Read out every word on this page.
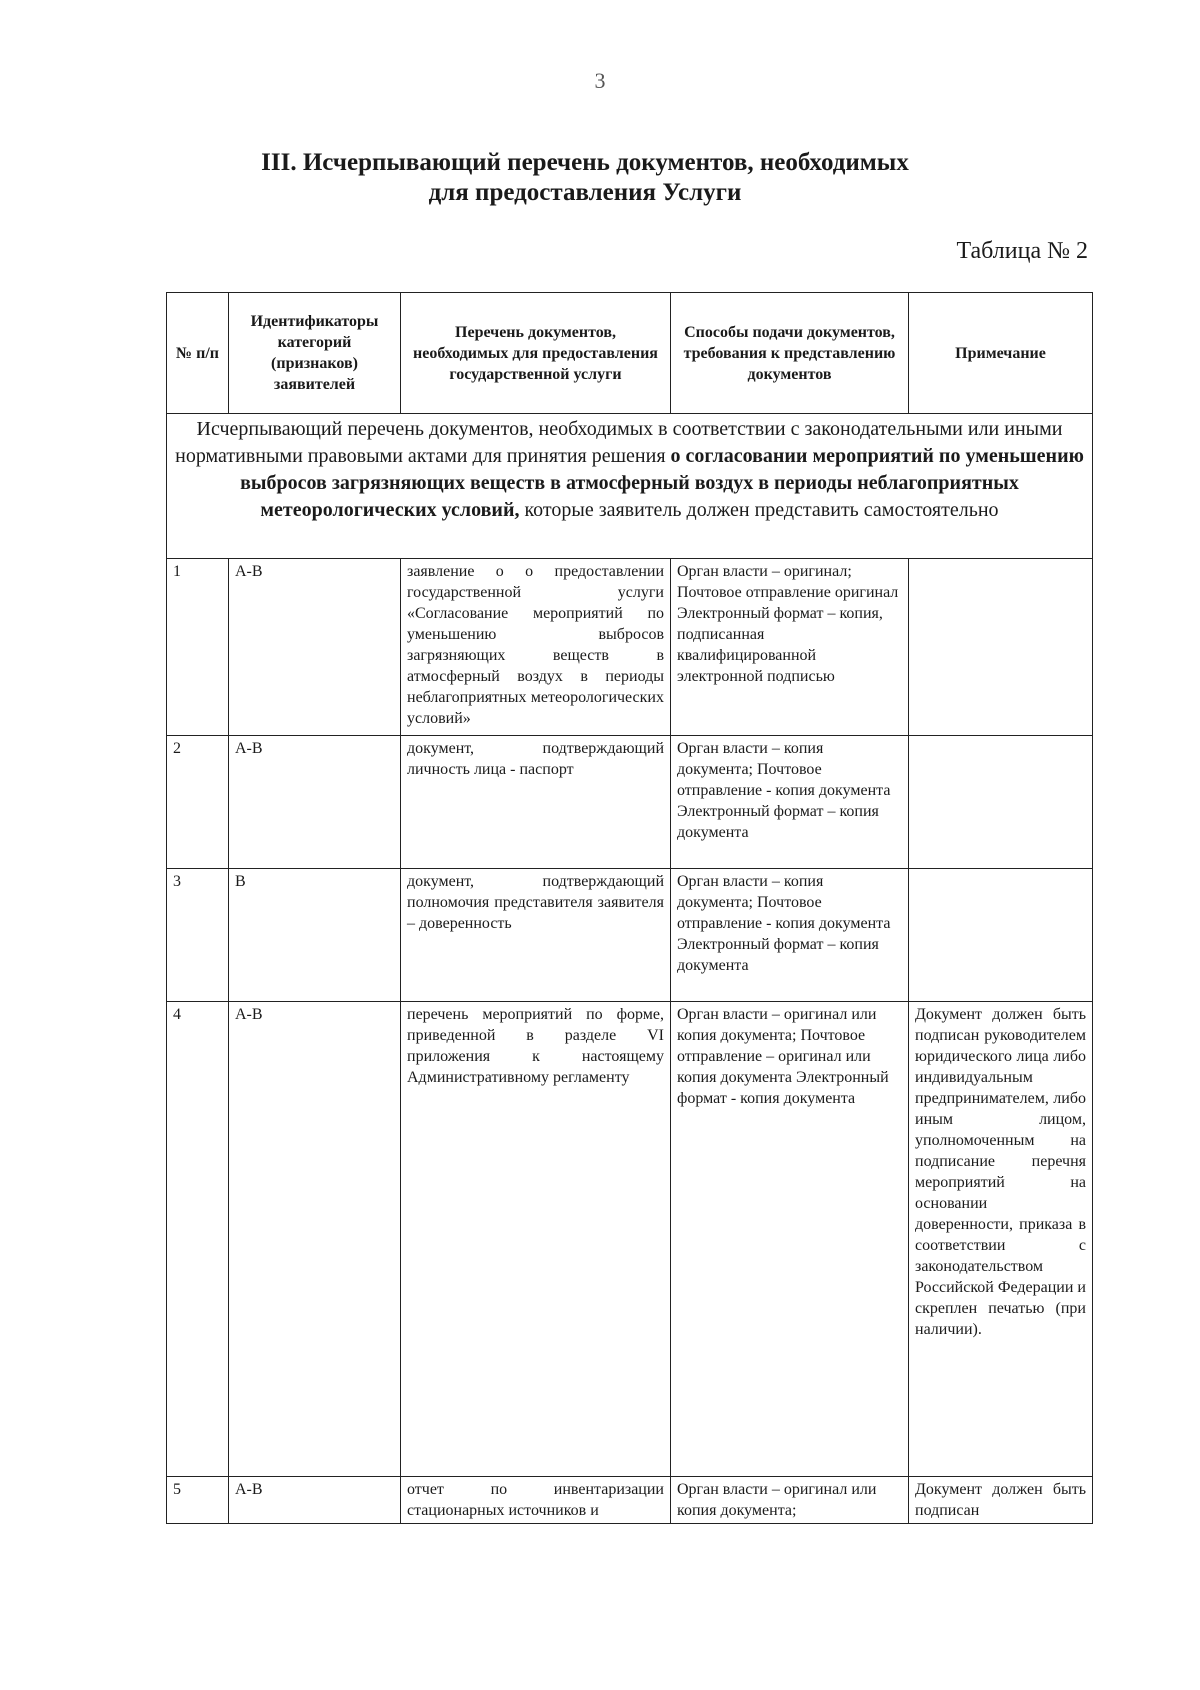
3
III. Исчерпывающий перечень документов, необходимых
для предоставления Услуги
Таблица № 2
№ п/п	Идентификаторы категорий (признаков) заявителей	Перечень документов, необходимых для предоставления государственной услуги	Способы подачи документов, требования к представлению документов	Примечание
Исчерпывающий перечень документов, необходимых в соответствии с законодательными или иными нормативными правовыми актами для принятия решения о согласовании мероприятий по уменьшению выбросов загрязняющих веществ в атмосферный воздух в периоды неблагоприятных метеорологических условий, которые заявитель должен представить самостоятельно				
1	А-В	заявление о о предоставлении государственной услуги «Согласование мероприятий по уменьшению выбросов загрязняющих веществ в атмосферный воздух в периоды неблагоприятных метеорологических условий»	Орган власти – оригинал; Почтовое отправление оригинал Электронный формат – копия, подписанная квалифицированной электронной подписью	
2	А-В	документ, подтверждающий личность лица - паспорт	Орган власти – копия документа; Почтовое отправление - копия документа Электронный формат – копия документа	
3	В	документ, подтверждающий полномочия представителя заявителя – доверенность	Орган власти – копия документа; Почтовое отправление - копия документа Электронный формат – копия документа	
4	А-В	перечень мероприятий по форме, приведенной в разделе VI приложения к настоящему Административному регламенту	Орган власти – оригинал или копия документа; Почтовое отправление – оригинал или копия документа Электронный формат - копия документа	Документ должен быть подписан руководителем юридического лица либо индивидуальным предпринимателем, либо иным лицом, уполномоченным на подписание перечня мероприятий на основании доверенности, приказа в соответствии с законодательством Российской Федерации и скреплен печатью (при наличии).
5	А-В	отчет по инвентаризации стационарных источников и	Орган власти – оригинал или копия документа;	Документ должен быть подписан
